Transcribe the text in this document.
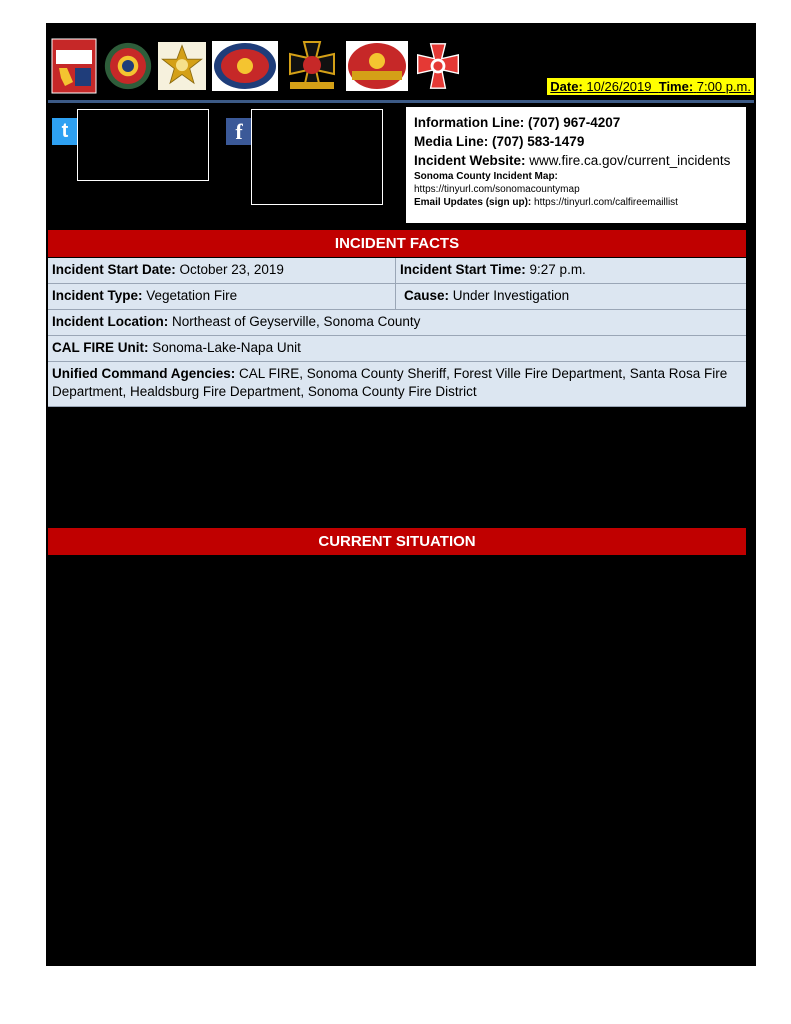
Date: 10/26/2019 Time: 7:00 p.m.
t	f	Information Line: (707) 967-4207
Media Line: (707) 583-1479
Incident Website: www.fire.ca.gov/current_incidents
Sonoma County Incident Map:
https://tinyurl.com/sonomacountymap
Email Updates (sign up): https://tinyurl.com/calfireemaillist
INCIDENT FACTS
Incident Start Date: October 23, 2019	Incident Start Time: 9:27 p.m.
Incident Type: Vegetation Fire	Cause: Under Investigation
Incident Location: Northeast of Geyserville, Sonoma County
CAL FIRE Unit: Sonoma-Lake-Napa Unit
Unified Command Agencies: CAL FIRE, Sonoma County Sheriff, Forest Ville Fire Department, Santa Rosa Fire Department, Healdsburg Fire Department, Sonoma County Fire District
CURRENT SITUATION
